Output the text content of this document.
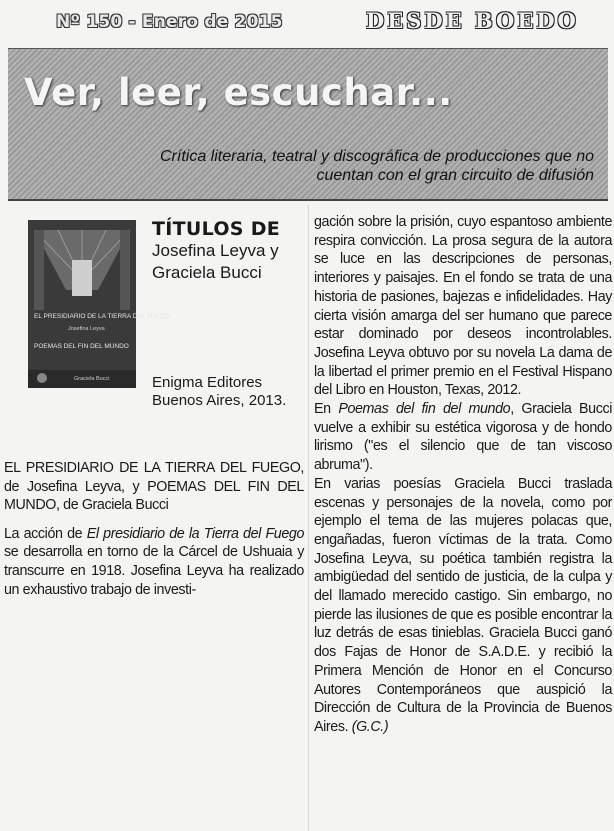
Nº 150 - Enero de 2015	DESDE BOEDO
Ver, leer, escuchar...
Crítica literaria, teatral y discográfica de producciones que no cuentan con el gran circuito de difusión
EL PRESIDIARIO DE LA TIERRA DEL FUEGO
Josefina Leyva
POEMAS DEL FIN DEL MUNDO
Graciela Bucci
TÍTULOS DE
Josefina Leyva y Graciela Bucci
Enigma Editores Buenos Aires, 2013.

EL PRESIDIARIO DE LA TIERRA DEL FUEGO, de Josefina Leyva, y POEMAS DEL FIN DEL MUNDO, de Graciela Bucci

La acción de El presidiario de la Tierra del Fuego se desarrolla en torno de la Cárcel de Ushuaia y transcurre en 1918. Josefina Leyva ha realizado un exhaustivo trabajo de investi-

gación sobre la prisión, cuyo espantoso ambiente respira convicción. La prosa segura de la autora se luce en las descripciones de personas, interiores y paisajes. En el fondo se trata de una historia de pasiones, bajezas e infidelidades. Hay cierta visión amarga del ser humano que parece estar dominado por deseos incontrolables. Josefina Leyva obtuvo por su novela La dama de la libertad el primer premio en el Festival Hispano del Libro en Houston, Texas, 2012.

En Poemas del fin del mundo, Graciela Bucci vuelve a exhibir su estética vigorosa y de hondo lirismo ("es el silencio que de tan viscoso abruma").

En varias poesías Graciela Bucci traslada escenas y personajes de la novela, como por ejemplo el tema de las mujeres polacas que, engañadas, fueron víctimas de la trata. Como Josefina Leyva, su poética también registra la ambigüedad del sentido de justicia, de la culpa y del llamado merecido castigo. Sin embargo, no pierde las ilusiones de que es posible encontrar la luz detrás de esas tinieblas. Graciela Bucci ganó dos Fajas de Honor de S.A.D.E. y recibió la Primera Mención de Honor en el Concurso Autores Contemporáneos que auspició la Dirección de Cultura de la Provincia de Buenos Aires. (G.C.)
